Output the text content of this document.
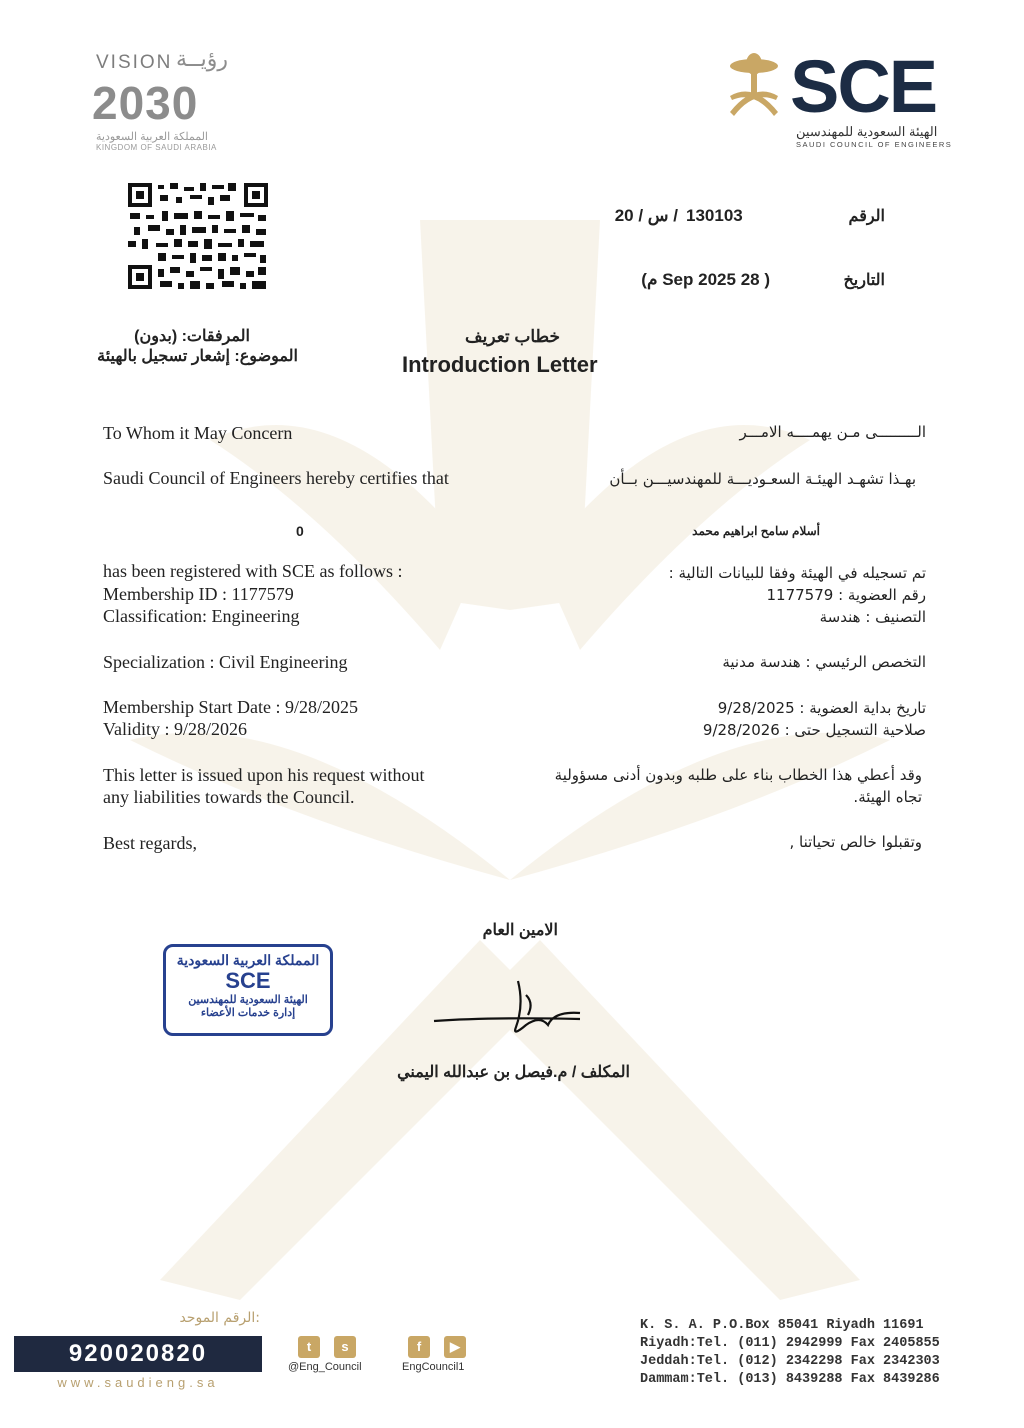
VISION رؤيــة
2030
المملكة العربية السعودية
KINGDOM OF SAUDI ARABIA
SCE
الهيئة السعودية للمهندسين
SAUDI COUNCIL OF ENGINEERS
الرقم
130103
/ س / 20
التاريخ
( 28 Sep 2025 م)
المرفقات: (بدون)
الموضوع: إشعار تسجيل بالهيئة
خطاب تعريف
Introduction Letter
To Whom it May Concern
Saudi Council of Engineers hereby certifies that
0
has been registered with SCE as follows :
Membership ID : 1177579
Classification: Engineering
Specialization : Civil Engineering
Membership Start Date : 9/28/2025
Validity : 9/28/2026
This letter is issued upon his request without
any liabilities towards the Council.
Best regards,
الـــــــــى مـن يهمــــه الامـــر
بهـذا تشهـد الهيئـة السعـوديـــة للمهندسيـــن بــأن
أسلام سامح ابراهيم محمد
تم تسجيله في الهيئة وفقا للبيانات التالية :
رقم العضوية : 1177579
التصنيف : هندسة
التخصص الرئيسي : هندسة مدنية
تاريخ بداية العضوية : 9/28/2025
صلاحية التسجيل حتى : 9/28/2026
وقد أعطي هذا الخطاب بناء على طلبه وبدون أدنى مسؤولية
تجاه الهيئة.
وتقبلوا خالص تحياتنا ,
الامين العام
المكلف / م.فيصل بن عبدالله اليمني
المملكة العربية السعودية
SCE
الهيئة السعودية للمهندسين
إدارة خدمات الأعضاء
الرقم الموحد:
920020820
www.saudieng.sa
t	s
@Eng_Council
f	▶
EngCouncil1
K. S. A. P.O.Box 85041 Riyadh 11691
Riyadh:Tel. (011) 2942999 Fax 2405855
Jeddah:Tel. (012) 2342298 Fax 2342303
Dammam:Tel. (013) 8439288 Fax 8439286
